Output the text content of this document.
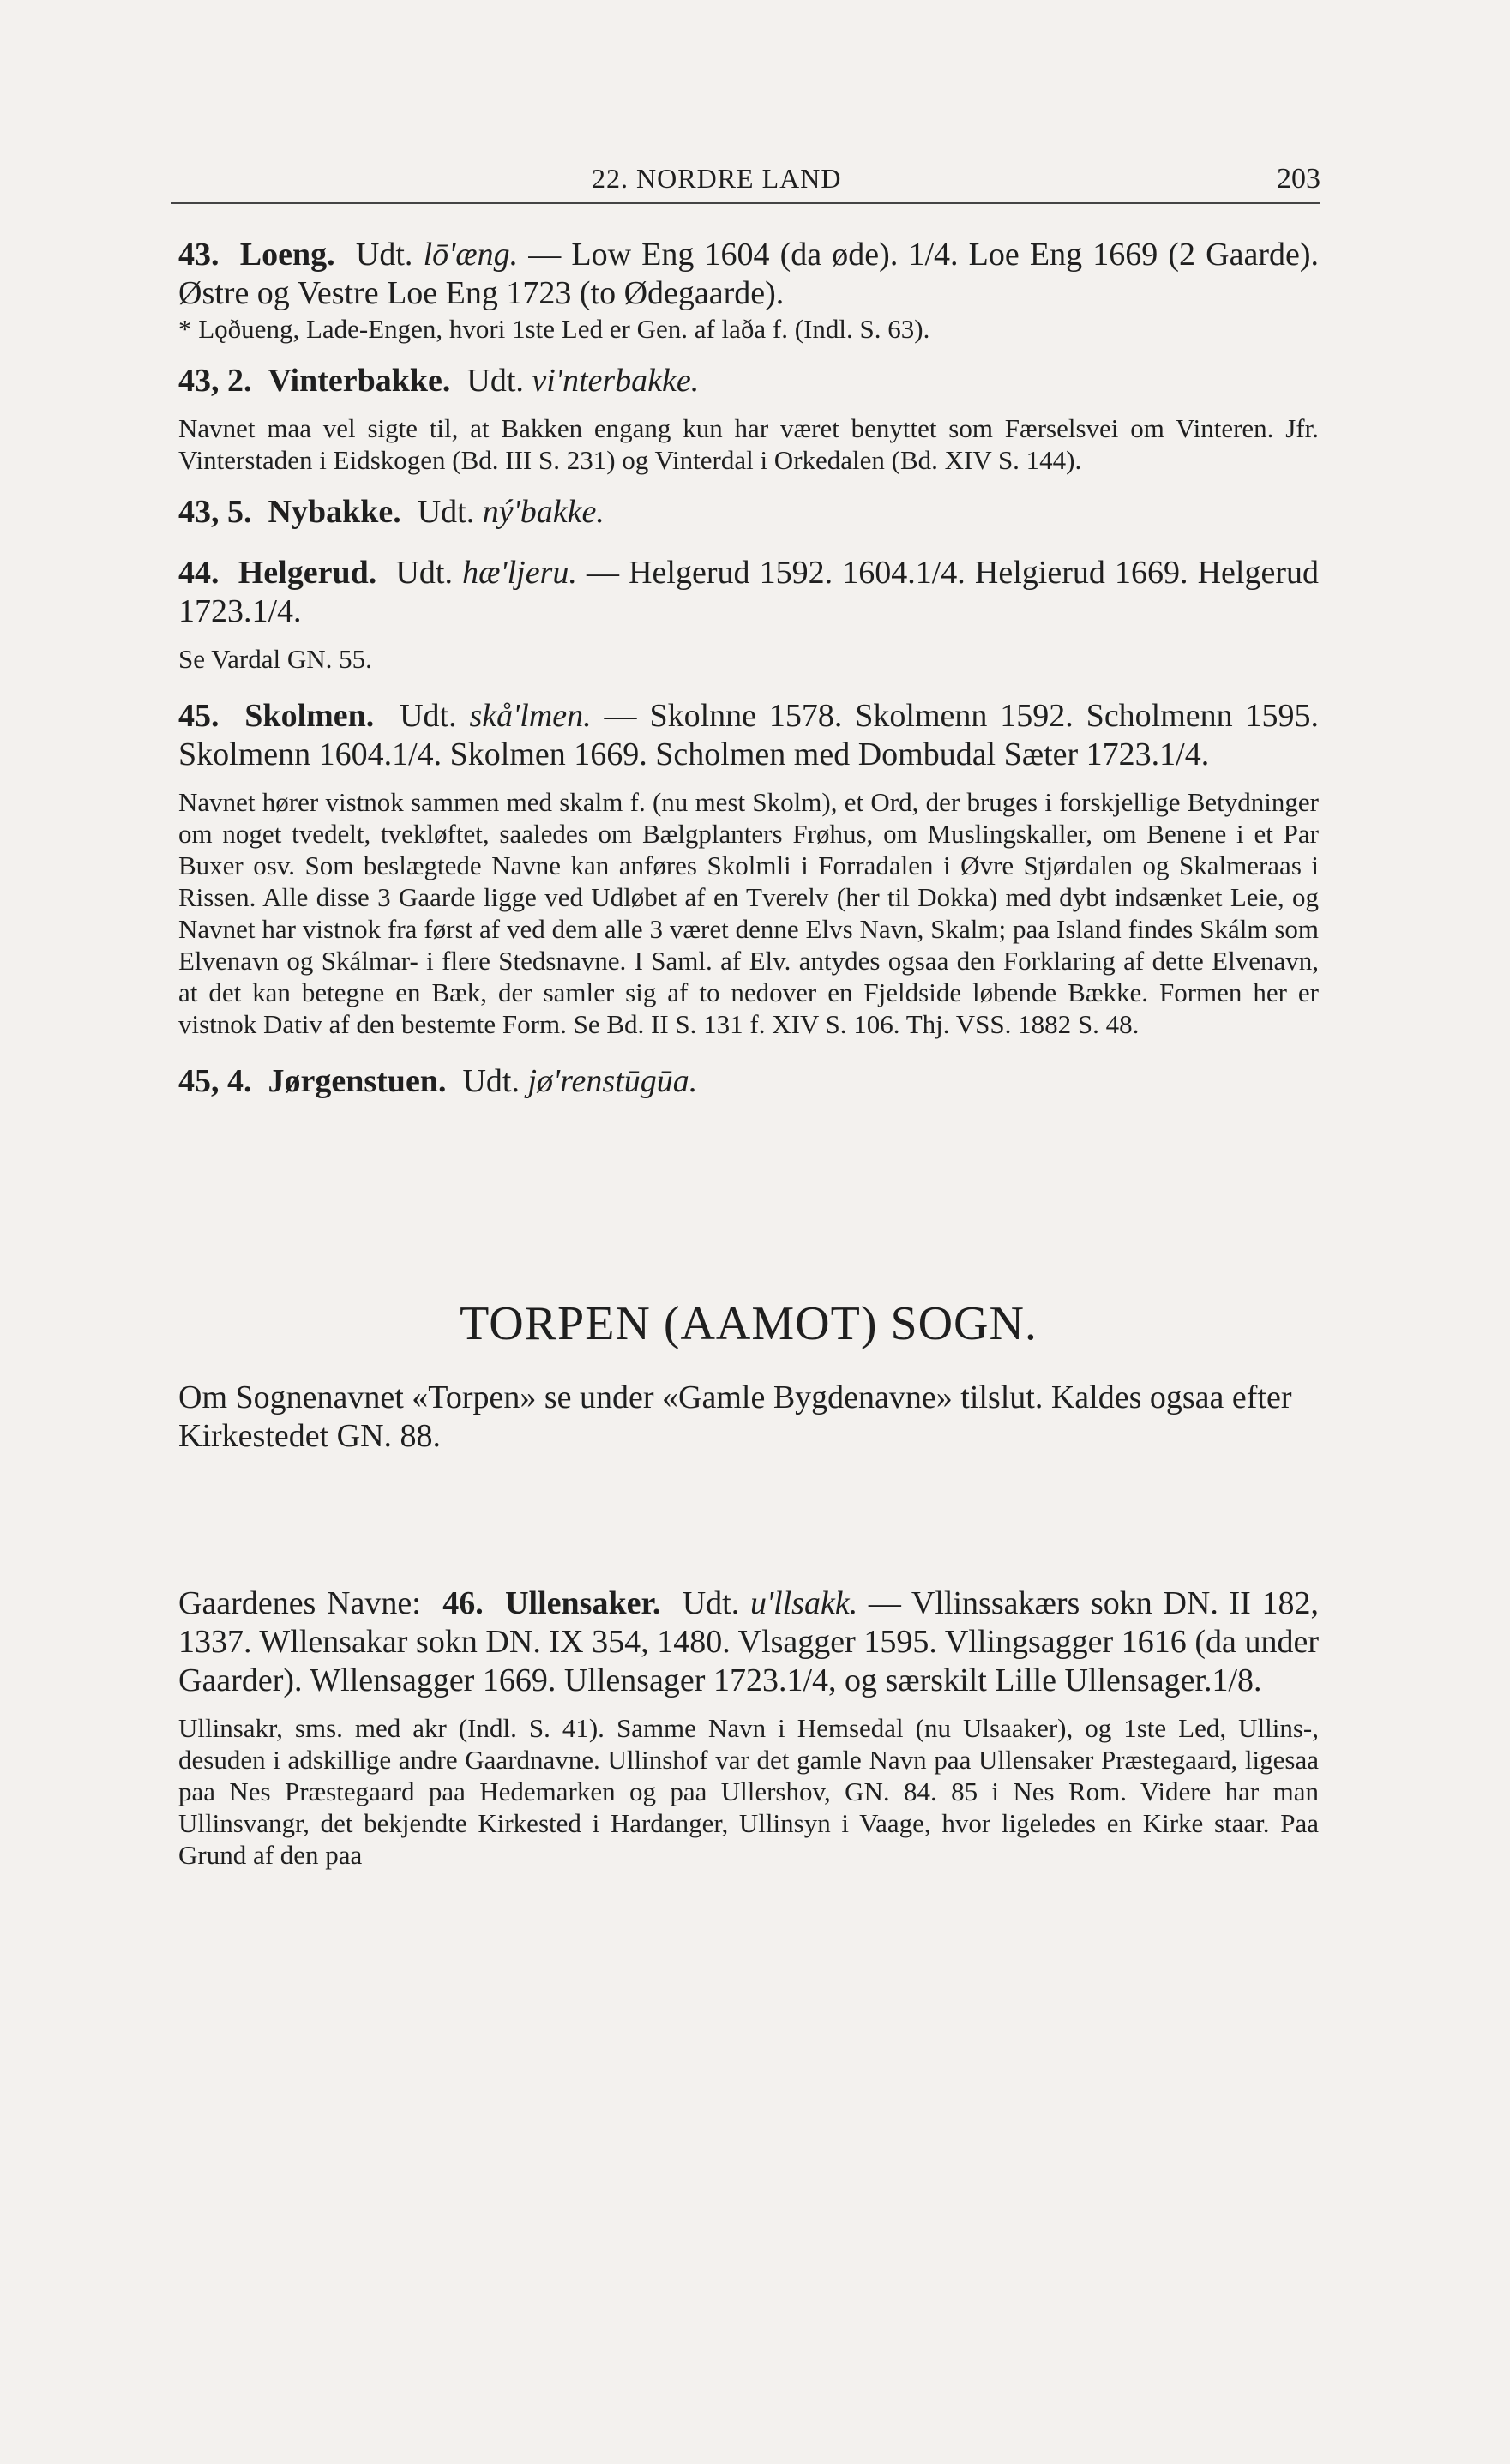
22. NORDRE LAND	203

43. Loeng. Udt. lō'æng. — Low Eng 1604 (da øde). 1/4. Loe Eng 1669 (2 Gaarde). Østre og Vestre Loe Eng 1723 (to Ødegaarde).

* Lǫðueng, Lade-Engen, hvori 1ste Led er Gen. af laða f. (Indl. S. 63).

43, 2. Vinterbakke. Udt. vi'nterbakke.

Navnet maa vel sigte til, at Bakken engang kun har været benyttet som Færselsvei om Vinteren. Jfr. Vinterstaden i Eidskogen (Bd. III S. 231) og Vinterdal i Orkedalen (Bd. XIV S. 144).

43, 5. Nybakke. Udt. ný'bakke.

44. Helgerud. Udt. hæ'ljeru. — Helgerud 1592. 1604.1/4. Helgierud 1669. Helgerud 1723.1/4.

Se Vardal GN. 55.

45. Skolmen. Udt. skå'lmen. — Skolnne 1578. Skolmenn 1592. Scholmenn 1595. Skolmenn 1604.1/4. Skolmen 1669. Scholmen med Dombudal Sæter 1723.1/4.

Navnet hører vistnok sammen med skalm f. (nu mest Skolm), et Ord, der bruges i forskjellige Betydninger om noget tvedelt, tvekløftet, saaledes om Bælgplanters Frøhus, om Muslingskaller, om Benene i et Par Buxer osv. Som beslægtede Navne kan anføres Skolmli i Forradalen i Øvre Stjørdalen og Skalmeraas i Rissen. Alle disse 3 Gaarde ligge ved Udløbet af en Tverelv (her til Dokka) med dybt indsænket Leie, og Navnet har vistnok fra først af ved dem alle 3 været denne Elvs Navn, Skalm; paa Island findes Skálm som Elvenavn og Skálmar- i flere Stedsnavne. I Saml. af Elv. antydes ogsaa den Forklaring af dette Elvenavn, at det kan betegne en Bæk, der samler sig af to nedover en Fjeldside løbende Bække. Formen her er vistnok Dativ af den bestemte Form. Se Bd. II S. 131 f. XIV S. 106. Thj. VSS. 1882 S. 48.

45, 4. Jørgenstuen. Udt. jø'renstūgūa.

TORPEN (AAMOT) SOGN.

Om Sognenavnet «Torpen» se under «Gamle Bygdenavne» tilslut. Kaldes ogsaa efter Kirkestedet GN. 88.

Gaardenes Navne: 46. Ullensaker. Udt. u'llsakk. — Vllinssakærs sokn DN. II 182, 1337. Wllensakar sokn DN. IX 354, 1480. Vlsagger 1595. Vllingsagger 1616 (da under Gaarder). Wllensagger 1669. Ullensager 1723.1/4, og særskilt Lille Ullensager.1/8.

Ullinsakr, sms. med akr (Indl. S. 41). Samme Navn i Hemsedal (nu Ulsaaker), og 1ste Led, Ullins-, desuden i adskillige andre Gaardnavne. Ullinshof var det gamle Navn paa Ullensaker Præstegaard, ligesaa paa Nes Præstegaard paa Hedemarken og paa Ullershov, GN. 84. 85 i Nes Rom. Videre har man Ullinsvangr, det bekjendte Kirkested i Hardanger, Ullinsyn i Vaage, hvor ligeledes en Kirke staar. Paa Grund af den paa
